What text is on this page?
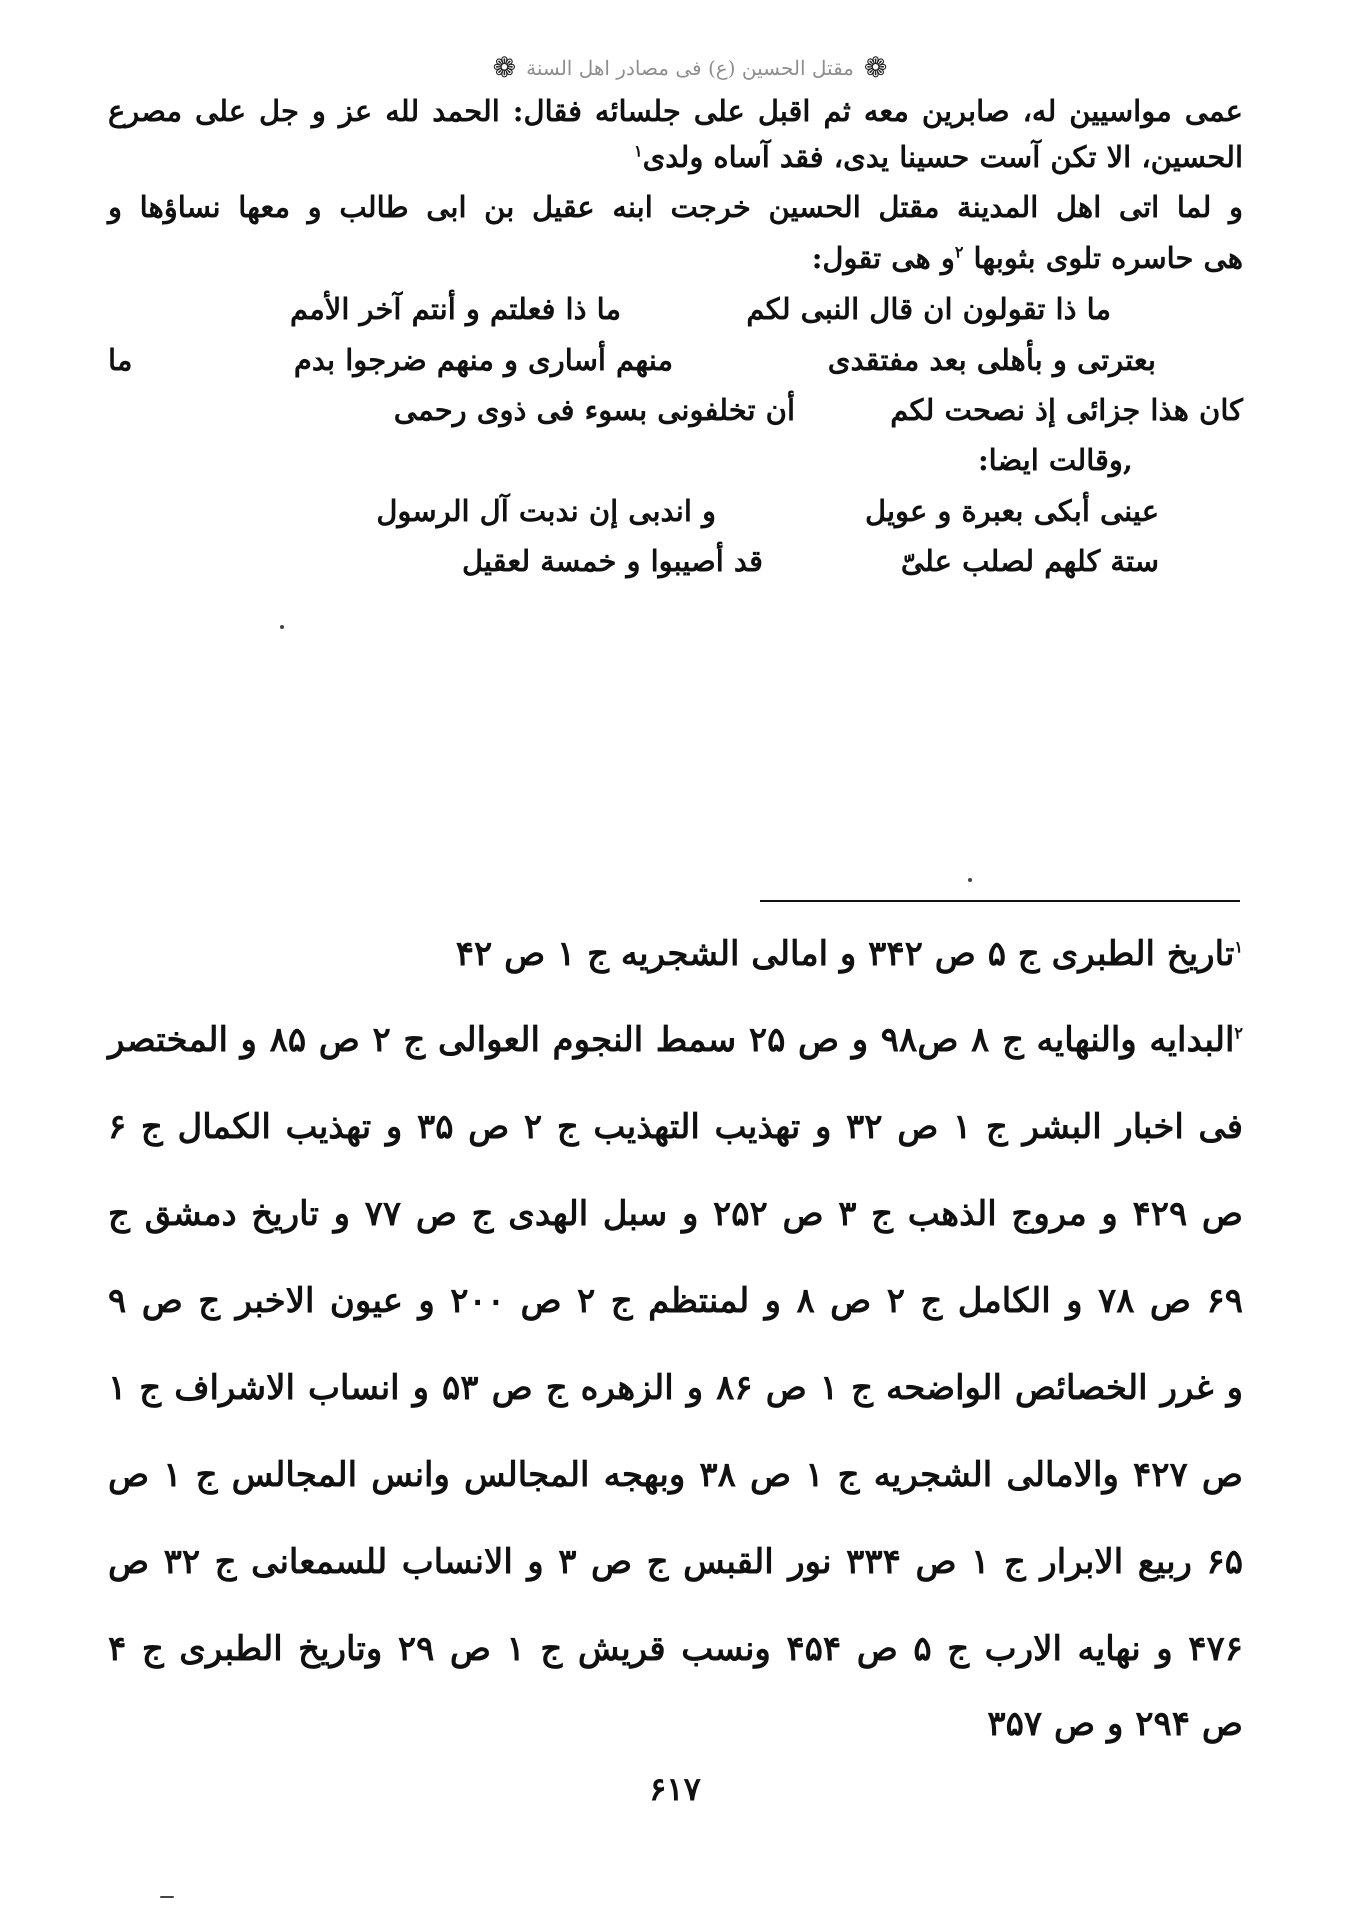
❁ مقتل الحسين (ع) فی مصادر اهل السنة ❁
عمی مواسیین له، صابرین معه ثم اقبل علی جلسائه فقال: الحمد لله عز و جل علی مصرع
الحسین، الا تکن آست حسینا یدی، فقد آساه ولدی$^۱$
و لما اتی اهل المدینة مقتل الحسین خرجت ابنه عقیل بن ابی طالب و معها نساؤها و
هی حاسره تلوی بثوبها $^۲$و هی تقول:
ما ذا تقولون ان قال النبی لکم
ما ذا فعلتم و أنتم آخر الأمم
بعترتی و بأهلی بعد مفتقدی
منهم أساری و منهم ضرجوا بدم
ما
کان هذا جزائی إذ نصحت لکم
أن تخلفونی بسوء فی ذوی رحمی
,وقالت ایضا:
عینی أبکی بعبرة و عویل
و اندبی إن ندبت آل الرسول
ستة کلهم لصلب علیّ
قد أصیبوا و خمسة لعقیل
$^۱$تاریخ الطبری ج ۵ ص ۳۴۲ و امالی الشجریه ج ۱ ص ۴۲
$^۲$البدایه والنهایه ج ۸ ص۹۸ و ص ۲۵ سمط النجوم العوالی ج ۲ ص ۸۵ و المختصر
فی اخبار البشر ج ۱ ص ۳۲ و تهذیب التهذیب ج ۲ ص ۳۵ و تهذیب الکمال ج ۶
ص ۴۲۹ و مروج الذهب ج ۳ ص ۲۵۲ و سبل الهدی ج ص ۷۷ و تاریخ دمشق ج
۶۹ ص ۷۸ و الکامل ج ۲ ص ۸ و لمنتظم ج ۲ ص ۲۰۰ و عیون الاخبر ج ص ۹
و غرر الخصائص الواضحه ج ۱ ص ۸۶ و الزهره ج ص ۵۳ و انساب الاشراف ج ۱
ص ۴۲۷ والامالی الشجریه ج ۱ ص ۳۸ وبهجه المجالس وانس المجالس ج ۱ ص
۶۵ ربیع الابرار ج ۱ ص ۳۳۴ نور القبس ج ص ۳ و الانساب للسمعانی ج ۳۲ ص
۴۷۶ و نهایه الارب ج ۵ ص ۴۵۴ ونسب قریش ج ۱ ص ۲۹ وتاریخ الطبری ج ۴
ص ۲۹۴ و ص ۳۵۷
۶۱۷
